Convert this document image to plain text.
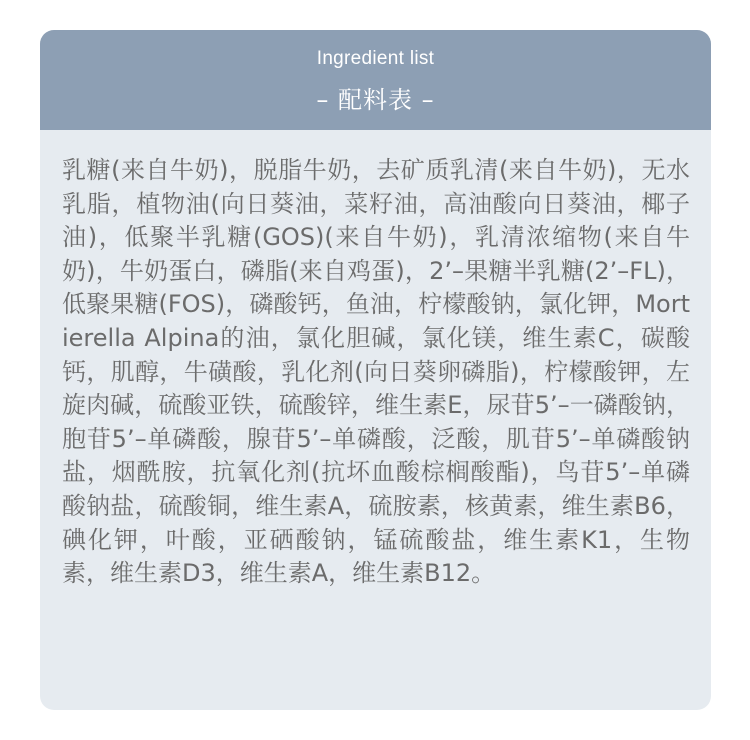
Ingredient list
– 配料表 –
乳糖(来自牛奶)，脱脂牛奶，去矿质乳清(来自牛奶)，无水乳脂，植物油(向日葵油，菜籽油，高油酸向日葵油，椰子油)，低聚半乳糖(GOS)(来自牛奶)，乳清浓缩物(来自牛奶)，牛奶蛋白，磷脂(来自鸡蛋)，2’–果糖半乳糖(2’–FL)，低聚果糖(FOS)，磷酸钙，鱼油，柠檬酸钠，氯化钾，Mortierella Alpina的油，氯化胆碱，氯化镁，维生素C，碳酸钙，肌醇，牛磺酸，乳化剂(向日葵卵磷脂)，柠檬酸钾，左旋肉碱，硫酸亚铁，硫酸锌，维生素E，尿苷5’–一磷酸钠，胞苷5’–单磷酸，腺苷5’–单磷酸，泛酸，肌苷5’–单磷酸钠盐，烟酰胺，抗氧化剂(抗坏血酸棕榈酸酯)，鸟苷5’–单磷酸钠盐，硫酸铜，维生素A，硫胺素，核黄素，维生素B6，碘化钾，叶酸，亚硒酸钠，锰硫酸盐，维生素K1，生物素，维生素D3，维生素A，维生素B12。
